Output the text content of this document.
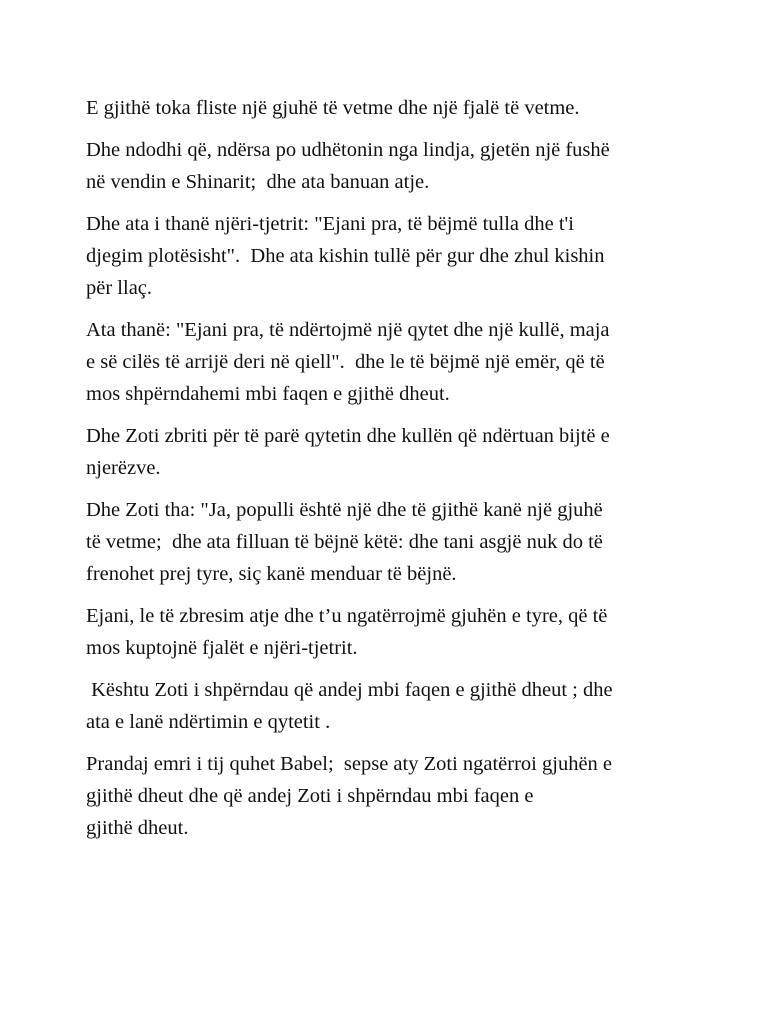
E gjithë toka fliste një gjuhë të vetme dhe një fjalë të vetme.

Dhe ndodhi që, ndërsa po udhëtonin nga lindja, gjetën një fushë
në vendin e Shinarit;  dhe ata banuan atje.

Dhe ata i thanë njëri-tjetrit: "Ejani pra, të bëjmë tulla dhe t'i
djegim plotësisht".  Dhe ata kishin tullë për gur dhe zhul kishin
për llaç.

Ata thanë: "Ejani pra, të ndërtojmë një qytet dhe një kullë, maja
e së cilës të arrijë deri në qiell".  dhe le të bëjmë një emër, që të
mos shpërndahemi mbi faqen e gjithë dheut.

Dhe Zoti zbriti për të parë qytetin dhe kullën që ndërtuan bijtë e
njerëzve.

Dhe Zoti tha: "Ja, populli është një dhe të gjithë kanë një gjuhë
të vetme;  dhe ata filluan të bëjnë këtë: dhe tani asgjë nuk do të
frenohet prej tyre, siç kanë menduar të bëjnë.

Ejani, le të zbresim atje dhe t’u ngatërrojmë gjuhën e tyre, që të
mos kuptojnë fjalët e njëri-tjetrit.

Kështu Zoti i shpërndau që andej mbi faqen e gjithë dheut ; dhe
ata e lanë ndërtimin e qytetit .

Prandaj emri i tij quhet Babel;  sepse aty Zoti ngatërroi gjuhën e
gjithë dheut dhe që andej Zoti i shpërndau mbi faqen e
gjithë dheut.
